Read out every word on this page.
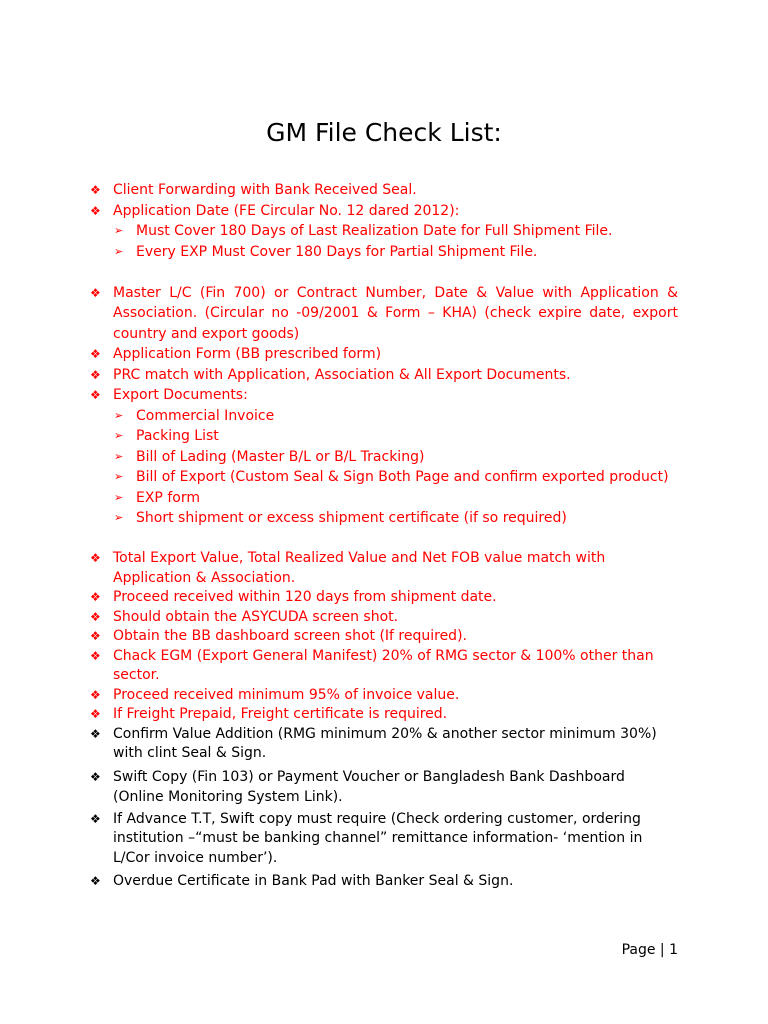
GM File Check List:
❖ Client Forwarding with Bank Received Seal.
❖ Application Date (FE Circular No. 12 dared 2012):
➢ Must Cover 180 Days of Last Realization Date for Full Shipment File.
➢ Every EXP Must Cover 180 Days for Partial Shipment File.
❖ Master L/C (Fin 700) or Contract Number, Date & Value with Application & Association. (Circular no -09/2001 & Form – KHA) (check expire date, export country and export goods)
❖ Application Form (BB prescribed form)
❖ PRC match with Application, Association & All Export Documents.
❖ Export Documents:
➢ Commercial Invoice
➢ Packing List
➢ Bill of Lading (Master B/L or B/L Tracking)
➢ Bill of Export (Custom Seal & Sign Both Page and confirm exported product)
➢ EXP form
➢ Short shipment or excess shipment certificate (if so required)
❖ Total Export Value, Total Realized Value and Net FOB value match with Application & Association.
❖ Proceed received within 120 days from shipment date.
❖ Should obtain the ASYCUDA screen shot.
❖ Obtain the BB dashboard screen shot (If required).
❖ Chack EGM (Export General Manifest) 20% of RMG sector & 100% other than sector.
❖ Proceed received minimum 95% of invoice value.
❖ If Freight Prepaid, Freight certificate is required.
❖ Confirm Value Addition (RMG minimum 20% & another sector minimum 30%) with clint Seal & Sign.
❖ Swift Copy (Fin 103) or Payment Voucher or Bangladesh Bank Dashboard (Online Monitoring System Link).
❖ If Advance T.T, Swift copy must require (Check ordering customer, ordering institution –“must be banking channel” remittance information- ‘mention in L/Cor invoice number’).
❖ Overdue Certificate in Bank Pad with Banker Seal & Sign.
Page | 1
